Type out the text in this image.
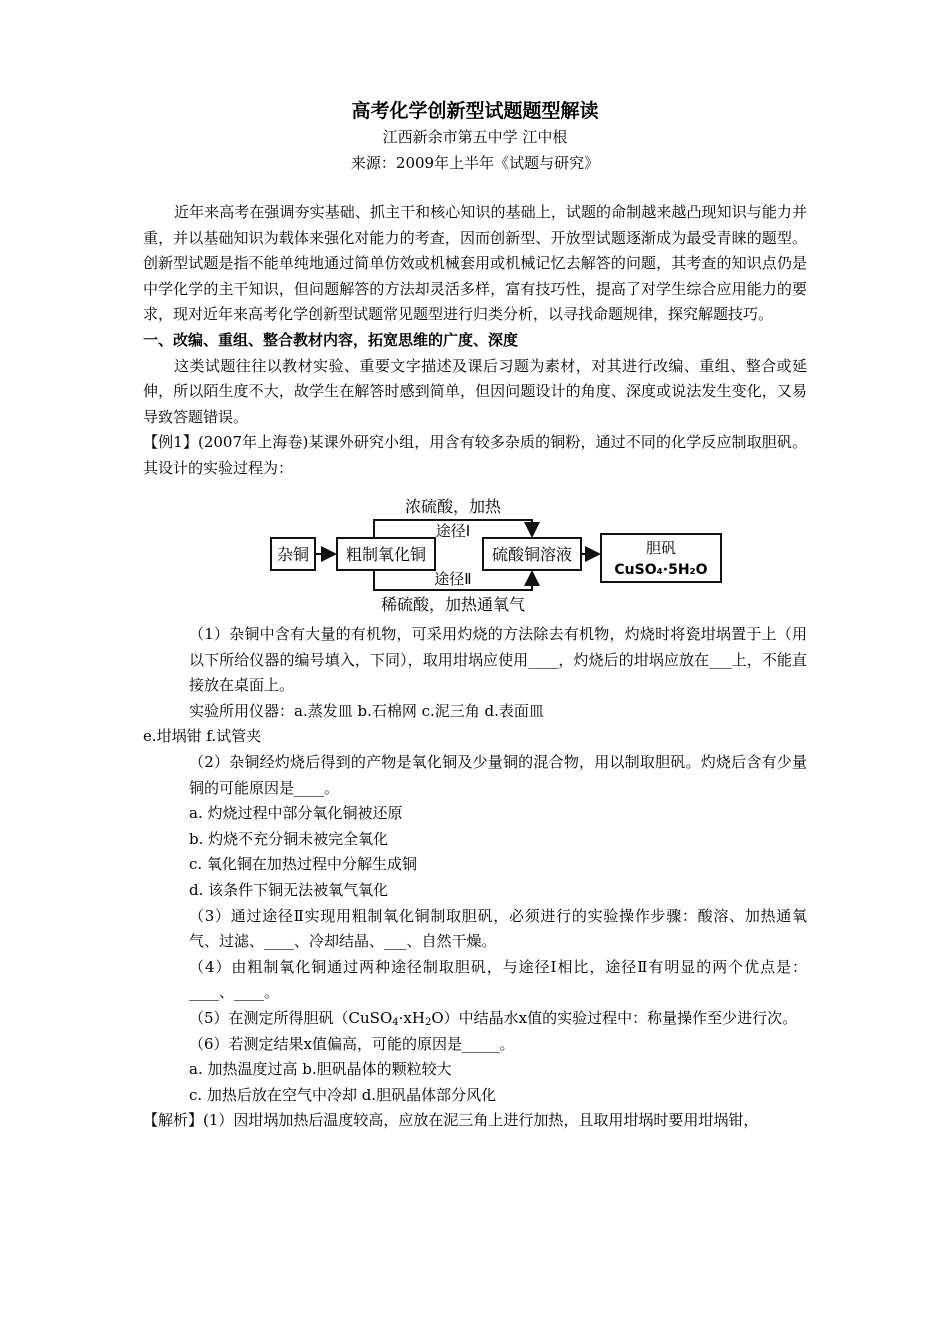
高考化学创新型试题题型解读
江西新余市第五中学 江中根
来源：2009年上半年《试题与研究》

近年来高考在强调夯实基础、抓主干和核心知识的基础上，试题的命制越来越凸现知识与能力并重，并以基础知识为载体来强化对能力的考查，因而创新型、开放型试题逐渐成为最受青睐的题型。创新型试题是指不能单纯地通过简单仿效或机械套用或机械记忆去解答的问题，其考查的知识点仍是中学化学的主干知识，但问题解答的方法却灵活多样，富有技巧性，提高了对学生综合应用能力的要求，现对近年来高考化学创新型试题常见题型进行归类分析，以寻找命题规律，探究解题技巧。

一、改编、重组、整合教材内容，拓宽思维的广度、深度

这类试题往往以教材实验、重要文字描述及课后习题为素材，对其进行改编、重组、整合或延伸，所以陌生度不大，故学生在解答时感到简单，但因问题设计的角度、深度或说法发生变化，又易导致答题错误。

【例1】(2007年上海卷)某课外研究小组，用含有较多杂质的铜粉，通过不同的化学反应制取胆矾。其设计的实验过程为：

杂铜 粗制氧化铜	硫酸铜溶液	胆矾
CuSO₄·5H₂O
浓硫酸，加热
途径Ⅰ
途径Ⅱ
稀硫酸，加热通氧气

（1）杂铜中含有大量的有机物，可采用灼烧的方法除去有机物，灼烧时将瓷坩埚置于上（用以下所给仪器的编号填入，下同），取用坩埚应使用____，灼烧后的坩埚应放在___上，不能直接放在桌面上。

实验所用仪器：a.蒸发皿 b.石棉网 c.泥三角 d.表面皿

e.坩埚钳 f.试管夹

（2）杂铜经灼烧后得到的产物是氧化铜及少量铜的混合物，用以制取胆矾。灼烧后含有少量铜的可能原因是____。

a. 灼烧过程中部分氧化铜被还原

b. 灼烧不充分铜未被完全氧化

c. 氧化铜在加热过程中分解生成铜

d. 该条件下铜无法被氧气氧化

（3）通过途径Ⅱ实现用粗制氧化铜制取胆矾，必须进行的实验操作步骤：酸溶、加热通氧气、过滤、____、冷却结晶、___、自然干燥。

（4）由粗制氧化铜通过两种途径制取胆矾，与途径Ⅰ相比，途径Ⅱ有明显的两个优点是：____、____。

（5）在测定所得胆矾$(CuSO_4\cdot xH_2O)$中结晶水x值的实验过程中：称量操作至少进行次。

（6）若测定结果x值偏高，可能的原因是_____。

a. 加热温度过高 b.胆矾晶体的颗粒较大

c. 加热后放在空气中冷却 d.胆矾晶体部分风化

【解析】(1）因坩埚加热后温度较高，应放在泥三角上进行加热，且取用坩埚时要用坩埚钳，
